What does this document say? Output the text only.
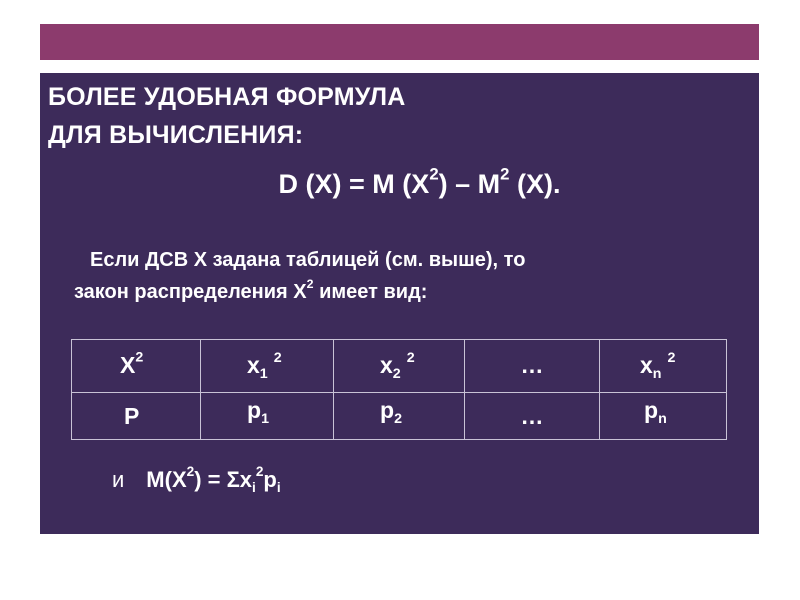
БОЛЕЕ УДОБНАЯ ФОРМУЛА
ДЛЯ ВЫЧИСЛЕНИЯ:
D (X) = M $(X^2) - M^2$ (X).
Если ДСВ Х задана таблицей (см. выше), то
закон распределения $Х^2$ имеет вид:
$Х^2$	$x_1^2$	$x_2^2$	…	$x_n^2$

Р	$p_1$	$p_2$	…	$p_n$
и $М(Х^2) = \Sigma x_i^2p_i$
